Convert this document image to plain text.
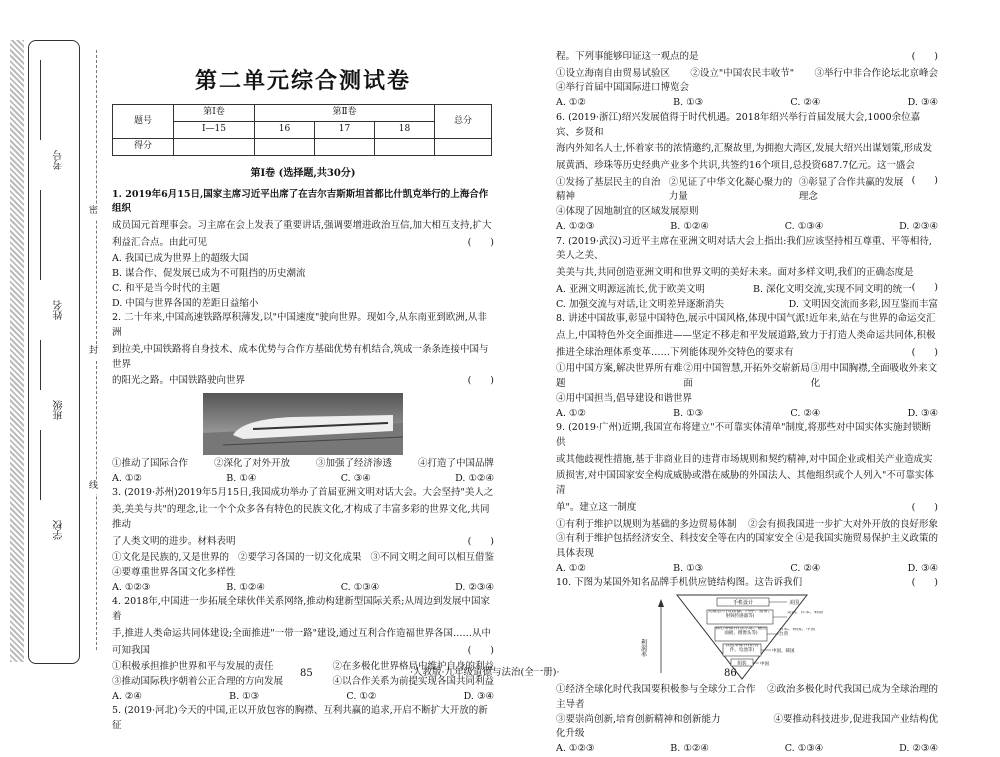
学校
班级
姓名
考号
密
封
线
第二单元综合测试卷
题号	第Ⅰ卷	第Ⅱ卷			总分
	Ⅰ—15	16	17	18	
得分					
第Ⅰ卷 (选择题,共30分)
1. 2019年6月15日,国家主席习近平出席了在吉尔吉斯斯坦首都比什凯克举行的上海合作组织
成员国元首理事会。习主席在会上发表了重要讲话,强调要增进政治互信,加大相互支持,扩大
利益汇合点。由此可见	(　　)
A. 我国已成为世界上的超级大国
B. 谋合作、促发展已成为不可阻挡的历史潮流
C. 和平是当今时代的主题
D. 中国与世界各国的差距日益缩小
2. 二十年来,中国高速铁路厚积薄发,以"中国速度"驶向世界。现如今,从东南亚到欧洲,从非洲
到拉美,中国铁路将自身技术、成本优势与合作方基础优势有机结合,筑成一条条连接中国与世界
的阳光之路。中国铁路驶向世界	(　　)
①推动了国际合作	②深化了对外开放	③加强了经济渗透	④打造了中国品牌
A. ①②	B. ①④	C. ③④	D. ①②④
3. (2019·苏州)2019年5月15日,我国成功举办了首届亚洲文明对话大会。大会坚持"美人之
美,美美与共"的理念,让一个个众多各有特色的民族文化,才构成了丰富多彩的世界文化,共同推动
了人类文明的进步。材料表明	(　　)
①文化是民族的,又是世界的 ②要学习各国的一切文化成果 ③不同文明之间可以相互借鉴
④要尊重世界各国文化多样性
A. ①②③	B. ①②④	C. ①③④	D. ②③④
4. 2018年,中国进一步拓展全球伙伴关系网络,推动构建新型国际关系;从周边到发展中国家着
手,推进人类命运共同体建设;全面推进"一带一路"建设,通过互利合作造福世界各国……从中
可知我国	(　　)
①积极承担推护世界和平与发展的责任	②在多极化世界格局中维护自身的利益
③推动国际秩序朝着公正合理的方向发展	④以合作关系为前提实现各国共同利益
A. ②④	B. ①③	C. ①②	D. ③④
5. (2019·河北)今天的中国,正以开放包容的胸襟、互利共赢的追求,开启不断扩大开放的新征
程。下列事能够印证这一观点的是	(　　)
①设立海南自由贸易试验区 ②设立"中国农民丰收节" ③举行中非合作论坛北京峰会
④举行首届中国国际进口博览会
A. ①②	B. ①③	C. ②④	D. ③④
6. (2019·浙江)绍兴发展值得于时代机遇。2018年绍兴举行首届发展大会,1000余位嘉宾、乡贤和
海内外知名人士,怀着家书的浓情邀约,汇聚故里,为拥抱大湾区,发展大绍兴出谋划策,形成发
展黄酒、珍珠等历史经典产业多个共识,共签约16个项目,总投资687.7亿元。这一盛会
(　　)
①发扬了基层民主的自治精神
②见证了中华文化凝心聚力的力量
③彰显了合作共赢的发展理念
④体现了因地制宜的区域发展原则
A. ①②③	B. ①②④	C. ①③④	D. ②③④
7. (2019·武汉)习近平主席在亚洲文明对话大会上指出:我们应该坚持相互尊重、平等相待,美人之美、
美美与共,共同创造亚洲文明和世界文明的美好未来。面对多样文明,我们的正确态度是
(　　)
A. 亚洲文明源远流长,优于欧美文明	B. 深化文明交流,实现不同文明的统一
C. 加强交流与对话,让文明差异逐渐消失	D. 文明因交流而多彩,因互鉴而丰富
8. 讲述中国故事,彰显中国特色,展示中国风格,体现中国气派!近年来,站在与世界的命运交汇
点上,中国特色外交全面推进——坚定不移走和平发展道路,致力于打造人类命运共同体,积极
推进全球治理体系变革……下列能体现外交特色的要求有	(　　)
①用中国方案,解决世界所有难题
②用中国智慧,开拓外交崭新局面
③用中国胸襟,全面吸收外来文化
④用中国担当,倡导建设和谐世界
A. ①②	B. ①③	C. ②④	D. ③④
9. (2019·广州)近期,我国宣布将建立"不可靠实体清单"制度,将那些对中国实体实施封锁断供
或其他歧视性措施,基于非商业目的违背市场规则和契约精神,对中国企业或相关产业造成实
质损害,对中国国家安全构成威胁或潜在威胁的外国法人、其他组织或个人列入"不可靠实体清
单"。建立这一制度	(　　)
①有利于维护以规则为基础的多边贸易体制 ②会有损我国进一步扩大对外开放的良好形象
③有利于维护包括经济安全、科技安全等在内的国家安全 ④是我国实施贸易保护主义政策的
具体表现
A. ①②	B. ①③	C. ②④	D. ③④
10. 下图为某国外知名品牌手机供应链结构图。这告诉我们	(　　)
利润率
手机设计
关键芯片(处理器、内存、基带、射频传感器等)
核心零部件(显示屏、触控面板、摄像头等)
其他零部件(结构件、电池等)
组装
美国
美国、日本、韩国
日本、韩国、中国台湾
中国、韩国
中国
①经济全球化时代我国要积极参与全球分工合作 ②政治多极化时代我国已成为全球治理的
主导者
③要崇尚创新,培育创新精神和创新能力	④要推动科技进步,促进我国产业结构优
化升级
A. ①②③	B. ①②④	C. ①③④	D. ②③④
85	·人教版·九年级道德与法治(全一册)·	86
